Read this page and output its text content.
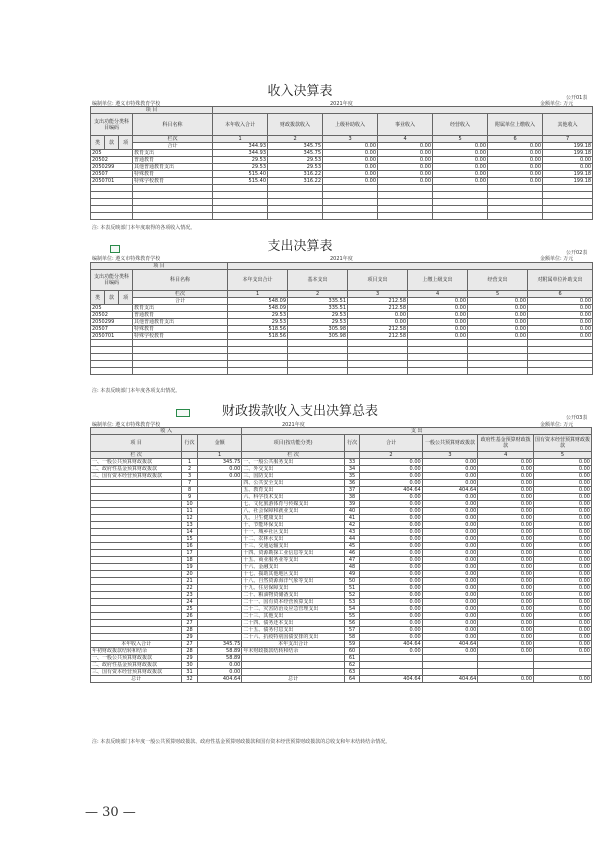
收入决算表	公开01表
编制单位: 遵义市特殊教育学校	2021年度	金额单位: 万元
项 目										
支出功能分类科目编码			科目名称	本年收入合计	财政拨款收入	上级补助收入	事业收入	经营收入	附属单位上缴收入	其他收入
类	款	项	栏次	1	2	3	4	5	6	7
			合计	344.93	345.75	0.00	0.00	0.00	0.00	199.18
205			教育支出	344.93	345.75	0.00	0.00	0.00	0.00	199.18
20502			普通教育	29.53	29.53	0.00	0.00	0.00	0.00	0.00
2050299			其他普通教育支出	29.53	29.53	0.00	0.00	0.00	0.00	0.00
20507			特殊教育	515.40	316.22	0.00	0.00	0.00	0.00	199.18
2050701			特殊学校教育	515.40	316.22	0.00	0.00	0.00	0.00	199.18

注: 本表反映部门本年度取得的各项收入情况。
支出决算表	公开02表
编制单位: 遵义市特殊教育学校	2021年度	金额单位: 万元
项 目									
支出功能分类科目编码			科目名称	本年支出合计	基本支出	项目支出	上缴上级支出	经营支出	对附属单位补助支出
类	款	项	栏次	1	2	3	4	5	6
			合计	548.09	335.51	212.58	0.00	0.00	0.00
205			教育支出	548.09	335.51	212.58	0.00	0.00	0.00
20502			普通教育	29.53	29.53	0.00	0.00	0.00	0.00
2050299			其他普通教育支出	29.53	29.53	0.00	0.00	0.00	0.00
20507			特殊教育	518.56	305.98	212.58	0.00	0.00	0.00
2050701			特殊学校教育	518.56	305.98	212.58	0.00	0.00	0.00

注: 本表反映部门本年度各项支出情况。
财政拨款收入支出决算总表	公开03表
编制单位: 遵义市特殊教育学校	2021年度	金额单位: 万元
收 入			支 出					
项 目	行次	金额	项目(按功能分类)	行次	合计	一般公共预算财政拨款	政府性基金预算财政拨款	国有资本经营预算财政拨款
栏 次		1	栏 次		2	3	4	5
一、一般公共预算财政拨款	1	345.75	一、一般公共服务支出	33	0.00	0.00	0.00	0.00
二、政府性基金预算财政拨款	2	0.00	二、外交支出	34	0.00	0.00	0.00	0.00
三、国有资本经营预算财政拨款	3	0.00	三、国防支出	35	0.00	0.00	0.00	0.00
	7		四、公共安全支出	36	0.00	0.00	0.00	0.00
	8		五、教育支出	37	404.64	404.64	0.00	0.00
	9		六、科学技术支出	38	0.00	0.00	0.00	0.00
	10		七、文化旅游体育与传媒支出	39	0.00	0.00	0.00	0.00
	11		八、社会保障和就业支出	40	0.00	0.00	0.00	0.00
	12		九、卫生健康支出	41	0.00	0.00	0.00	0.00
	13		十、节能环保支出	42	0.00	0.00	0.00	0.00
	14		十一、城乡社区支出	43	0.00	0.00	0.00	0.00
	15		十二、农林水支出	44	0.00	0.00	0.00	0.00
	16		十三、交通运输支出	45	0.00	0.00	0.00	0.00
	17		十四、资源勘探工业信息等支出	46	0.00	0.00	0.00	0.00
	18		十五、商业服务业等支出	47	0.00	0.00	0.00	0.00
	19		十六、金融支出	48	0.00	0.00	0.00	0.00
	20		十七、援助其他地区支出	49	0.00	0.00	0.00	0.00
	21		十八、自然资源海洋气象等支出	50	0.00	0.00	0.00	0.00
	22		十九、住房保障支出	51	0.00	0.00	0.00	0.00
	23		二十、粮油物资储备支出	52	0.00	0.00	0.00	0.00
	24		二十一、国有资本经营预算支出	53	0.00	0.00	0.00	0.00
	25		二十二、灾害防治及应急管理支出	54	0.00	0.00	0.00	0.00
	26		二十三、其他支出	55	0.00	0.00	0.00	0.00
	27		二十四、债务还本支出	56	0.00	0.00	0.00	0.00
	28		二十五、债务付息支出	57	0.00	0.00	0.00	0.00
	29		二十六、抗疫特别国债安排的支出	58	0.00	0.00	0.00	0.00
本年收入合计	27	345.75	本年支出合计	59	404.64	404.64	0.00	0.00
年初财政拨款结转和结余	28	58.89	年末财政拨款结转和结余	60	0.00	0.00	0.00	0.00
一、一般公共预算财政拨款	29	58.89		61				
二、政府性基金预算财政拨款	30	0.00		62				
三、国有资本经营预算财政拨款	31	0.00		63				
总计	32	404.64	总计	64	404.64	404.64	0.00	0.00
注: 本表反映部门本年度一般公共预算财政拨款、政府性基金预算财政拨款和国有资本经营预算财政拨款的总收支和年末结转结余情况。
— 30 —
